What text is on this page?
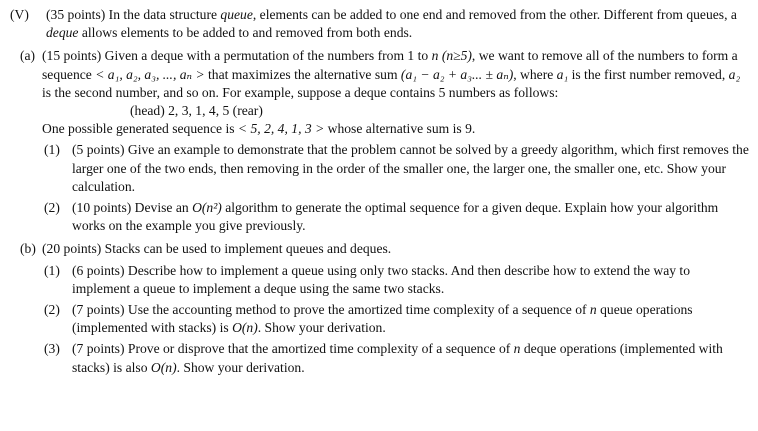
(V) (35 points) In the data structure queue, elements can be added to one end and removed from the other. Different from queues, a deque allows elements to be added to and removed from both ends.
(a) (15 points) Given a deque with a permutation of the numbers from 1 to n (n≥5), we want to remove all of the numbers to form a sequence < a₁, a₂, a₃, ..., aₙ > that maximizes the alternative sum (a₁ − a₂ + a₃... ± aₙ), where a₁ is the first number removed, a₂ is the second number, and so on. For example, suppose a deque contains 5 numbers as follows:
(head) 2, 3, 1, 4, 5 (rear)
One possible generated sequence is < 5, 2, 4, 1, 3 > whose alternative sum is 9.
(1) (5 points) Give an example to demonstrate that the problem cannot be solved by a greedy algorithm, which first removes the larger one of the two ends, then removing in the order of the smaller one, the larger one, the smaller one, etc. Show your calculation.
(2) (10 points) Devise an O(n²) algorithm to generate the optimal sequence for a given deque. Explain how your algorithm works on the example you give previously.
(b) (20 points) Stacks can be used to implement queues and deques.
(1) (6 points) Describe how to implement a queue using only two stacks. And then describe how to extend the way to implement a queue to implement a deque using the same two stacks.
(2) (7 points) Use the accounting method to prove the amortized time complexity of a sequence of n queue operations (implemented with stacks) is O(n). Show your derivation.
(3) (7 points) Prove or disprove that the amortized time complexity of a sequence of n deque operations (implemented with stacks) is also O(n). Show your derivation.
